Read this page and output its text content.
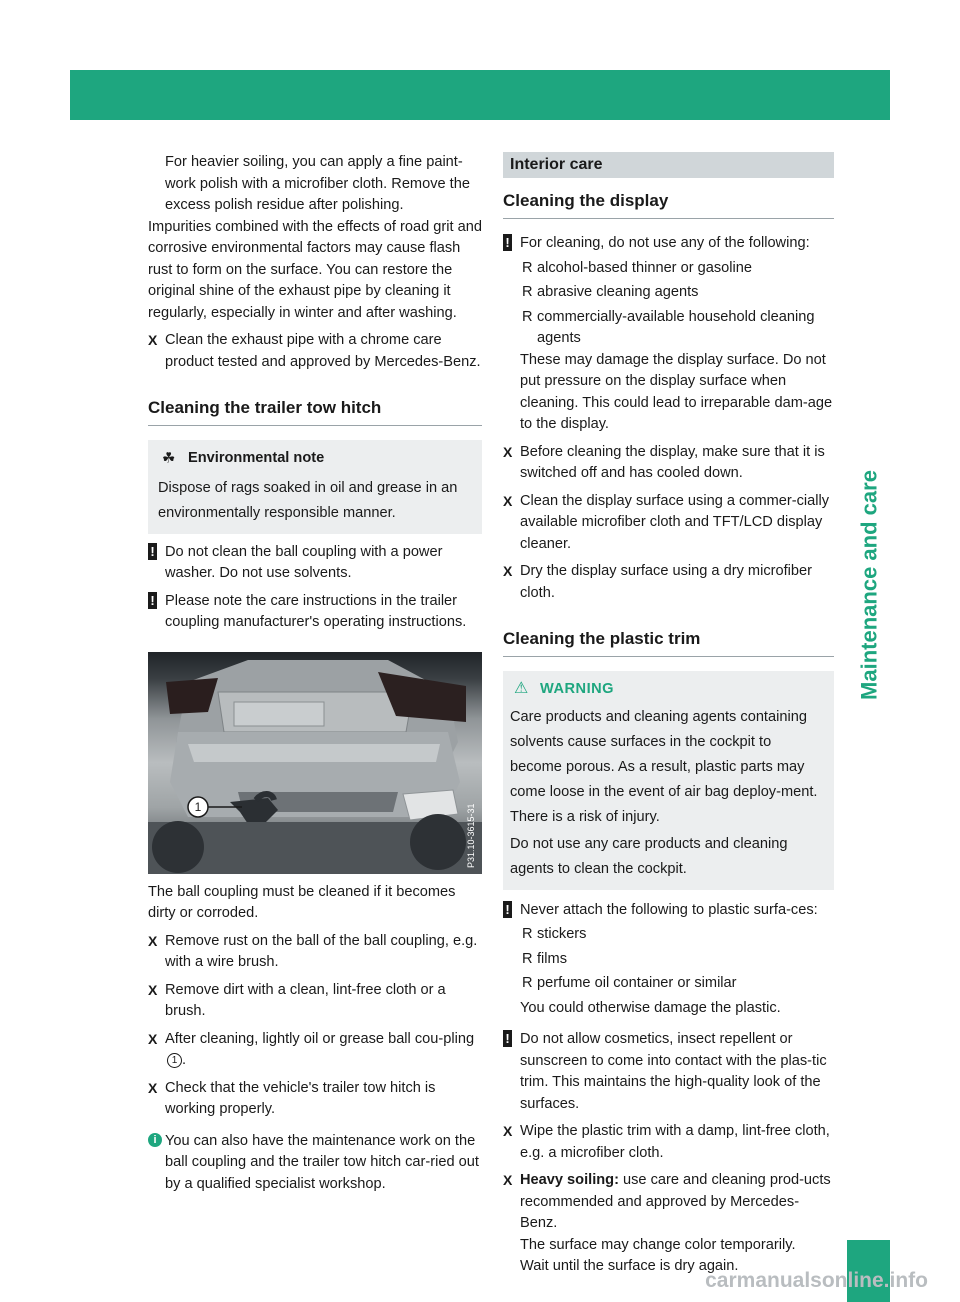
331
Maintenance and care

For heavier soiling, you can apply a fine paint-work polish with a microfiber cloth. Remove the excess polish residue after polishing.

Impurities combined with the effects of road grit and corrosive environmental factors may cause flash rust to form on the surface. You can restore the original shine of the exhaust pipe by cleaning it regularly, especially in winter and after washing.

X Clean the exhaust pipe with a chrome care product tested and approved by Mercedes-Benz.
Cleaning the trailer tow hitch
☘ Environmental note

Dispose of rags soaked in oil and grease in an environmentally responsible manner.

! Do not clean the ball coupling with a power washer. Do not use solvents.
! Please note the care instructions in the trailer coupling manufacturer's operating instructions.
1	P31.10-3615-31

The ball coupling must be cleaned if it becomes dirty or corroded.

X Remove rust on the ball of the ball coupling, e.g. with a wire brush.
X Remove dirt with a clean, lint-free cloth or a brush.
X After cleaning, lightly oil or grease ball cou-pling 1 .
X Check that the vehicle's trailer tow hitch is working properly.
i You can also have the maintenance work on the ball coupling and the trailer tow hitch car-ried out by a qualified specialist workshop.
Interior care
Cleaning the display
! For cleaning, do not use any of the following:
R alcohol-based thinner or gasoline
R abrasive cleaning agents
R commercially-available household cleaning agents

These may damage the display surface. Do not put pressure on the display surface when cleaning. This could lead to irreparable dam-age to the display.

X Before cleaning the display, make sure that it is switched off and has cooled down.
X Clean the display surface using a commer-cially available microfiber cloth and TFT/LCD display cleaner.
X Dry the display surface using a dry microfiber cloth.
Cleaning the plastic trim
⚠ WARNING

Care products and cleaning agents containing solvents cause surfaces in the cockpit to become porous. As a result, plastic parts may come loose in the event of air bag deploy-ment. There is a risk of injury.

Do not use any care products and cleaning agents to clean the cockpit.

! Never attach the following to plastic surfa-ces:
R stickers
R films
R perfume oil container or similar

You could otherwise damage the plastic.

! Do not allow cosmetics, insect repellent or sunscreen to come into contact with the plas-tic trim. This maintains the high-quality look of the surfaces.
X Wipe the plastic trim with a damp, lint-free cloth, e.g. a microfiber cloth.
X Heavy soiling: use care and cleaning prod-ucts recommended and approved by Mercedes-Benz.

The surface may change color temporarily.

Wait until the surface is dry again.

carmanualsonline.info
